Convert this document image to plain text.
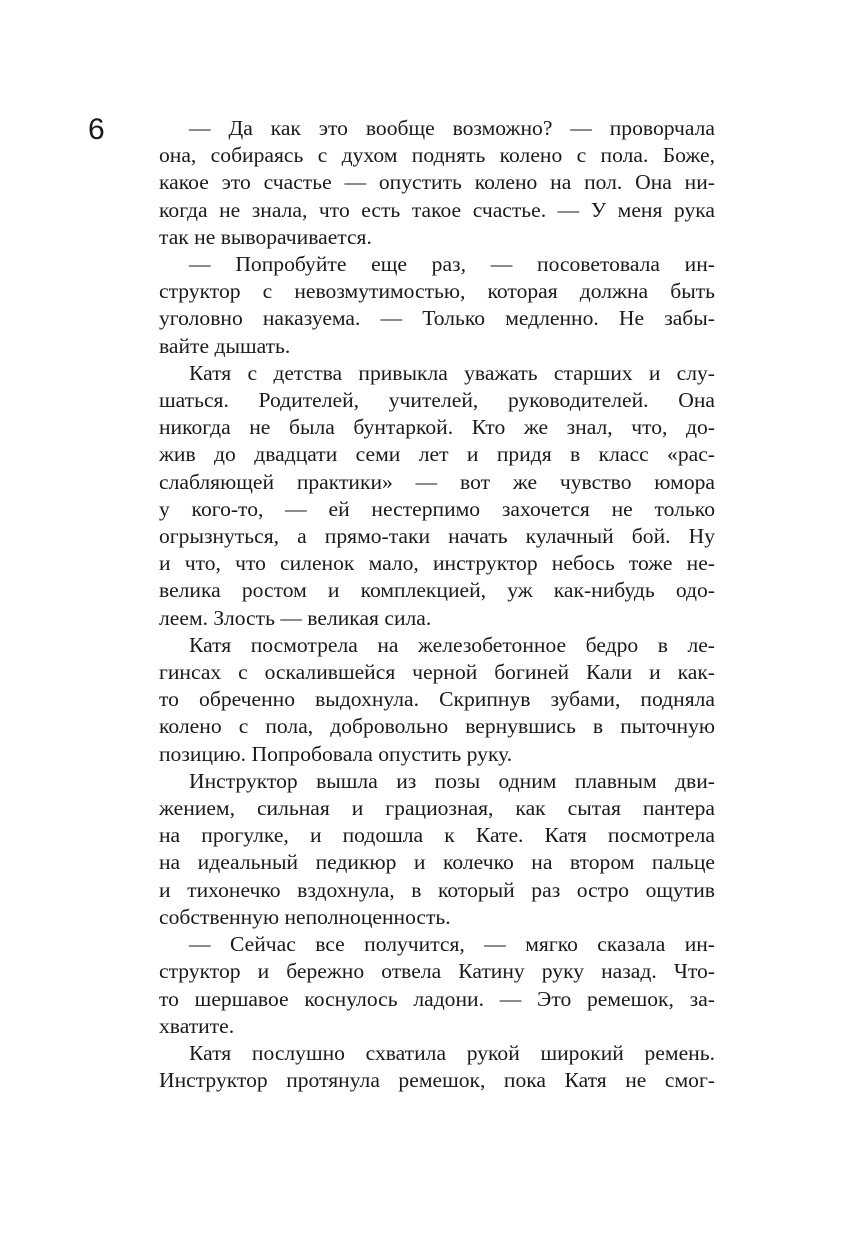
6	— Да как это вообще возможно? — проворчала
она, собираясь с духом поднять колено с пола. Боже,
какое это счастье — опустить колено на пол. Она ни-
когда не знала, что есть такое счастье. — У меня рука
так не выворачивается.

— Попробуйте еще раз, — посоветовала ин-
структор с невозмутимостью, которая должна быть
уголовно наказуема. — Только медленно. Не забы-
вайте дышать.

Катя с детства привыкла уважать старших и слу-
шаться. Родителей, учителей, руководителей. Она
никогда не была бунтаркой. Кто же знал, что, до-
жив до двадцати семи лет и придя в класс «рас-
слабляющей практики» — вот же чувство юмора
у кого-то, — ей нестерпимо захочется не только
огрызнуться, а прямо-таки начать кулачный бой. Ну
и что, что силенок мало, инструктор небось тоже не-
велика ростом и комплекцией, уж как-нибудь одо-
леем. Злость — великая сила.

Катя посмотрела на железобетонное бедро в ле-
гинсах с оскалившейся черной богиней Кали и как-
то обреченно выдохнула. Скрипнув зубами, подняла
колено с пола, добровольно вернувшись в пыточную
позицию. Попробовала опустить руку.

Инструктор вышла из позы одним плавным дви-
жением, сильная и грациозная, как сытая пантера
на прогулке, и подошла к Кате. Катя посмотрела
на идеальный педикюр и колечко на втором пальце
и тихонечко вздохнула, в который раз остро ощутив
собственную неполноценность.

— Сейчас все получится, — мягко сказала ин-
структор и бережно отвела Катину руку назад. Что-
то шершавое коснулось ладони. — Это ремешок, за-
хватите.

Катя послушно схватила рукой широкий ремень.
Инструктор протянула ремешок, пока Катя не смог-
